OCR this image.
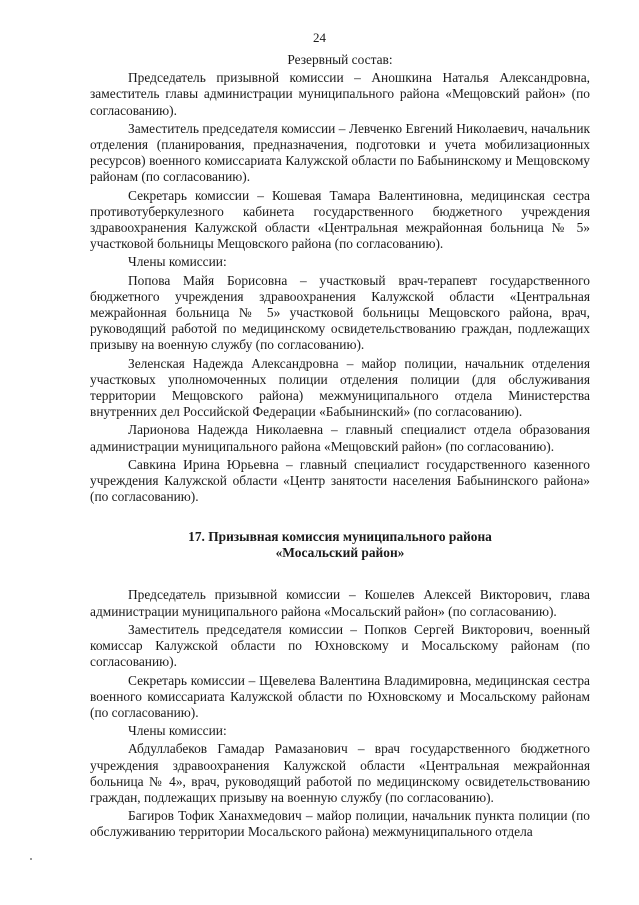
24
Резервный состав:

Председатель призывной комиссии – Аношкина Наталья Александровна, заместитель главы администрации муниципального района «Мещовский район» (по согласованию).

Заместитель председателя комиссии – Левченко Евгений Николаевич, начальник отделения (планирования, предназначения, подготовки и учета мобилизационных ресурсов) военного комиссариата Калужской области по Бабынинскому и Мещовскому районам (по согласованию).

Секретарь комиссии – Кошевая Тамара Валентиновна, медицинская сестра противотуберкулезного кабинета государственного бюджетного учреждения здравоохранения Калужской области «Центральная межрайонная больница № 5» участковой больницы Мещовского района (по согласованию).

Члены комиссии:

Попова Майя Борисовна – участковый врач-терапевт государственного бюджетного учреждения здравоохранения Калужской области «Центральная межрайонная больница № 5» участковой больницы Мещовского района, врач, руководящий работой по медицинскому освидетельствованию граждан, подлежащих призыву на военную службу (по согласованию).

Зеленская Надежда Александровна – майор полиции, начальник отделения участковых уполномоченных полиции отделения полиции (для обслуживания территории Мещовского района) межмуниципального отдела Министерства внутренних дел Российской Федерации «Бабынинский» (по согласованию).

Ларионова Надежда Николаевна – главный специалист отдела образования администрации муниципального района «Мещовский район» (по согласованию).

Савкина Ирина Юрьевна – главный специалист государственного казенного учреждения Калужской области «Центр занятости населения Бабынинского района» (по согласованию).

17. Призывная комиссия муниципального района
«Мосальский район»

Председатель призывной комиссии – Кошелев Алексей Викторович, глава администрации муниципального района «Мосальский район» (по согласованию).

Заместитель председателя комиссии – Попков Сергей Викторович, военный комиссар Калужской области по Юхновскому и Мосальскому районам (по согласованию).

Секретарь комиссии – Щевелева Валентина Владимировна, медицинская сестра военного комиссариата Калужской области по Юхновскому и Мосальскому районам (по согласованию).

Члены комиссии:

Абдуллабеков Гамадар Рамазанович – врач государственного бюджетного учреждения здравоохранения Калужской области «Центральная межрайонная больница № 4», врач, руководящий работой по медицинскому освидетельствованию граждан, подлежащих призыву на военную службу (по согласованию).

Багиров Тофик Ханахмедович – майор полиции, начальник пункта полиции (по обслуживанию территории Мосальского района) межмуниципального отдела
